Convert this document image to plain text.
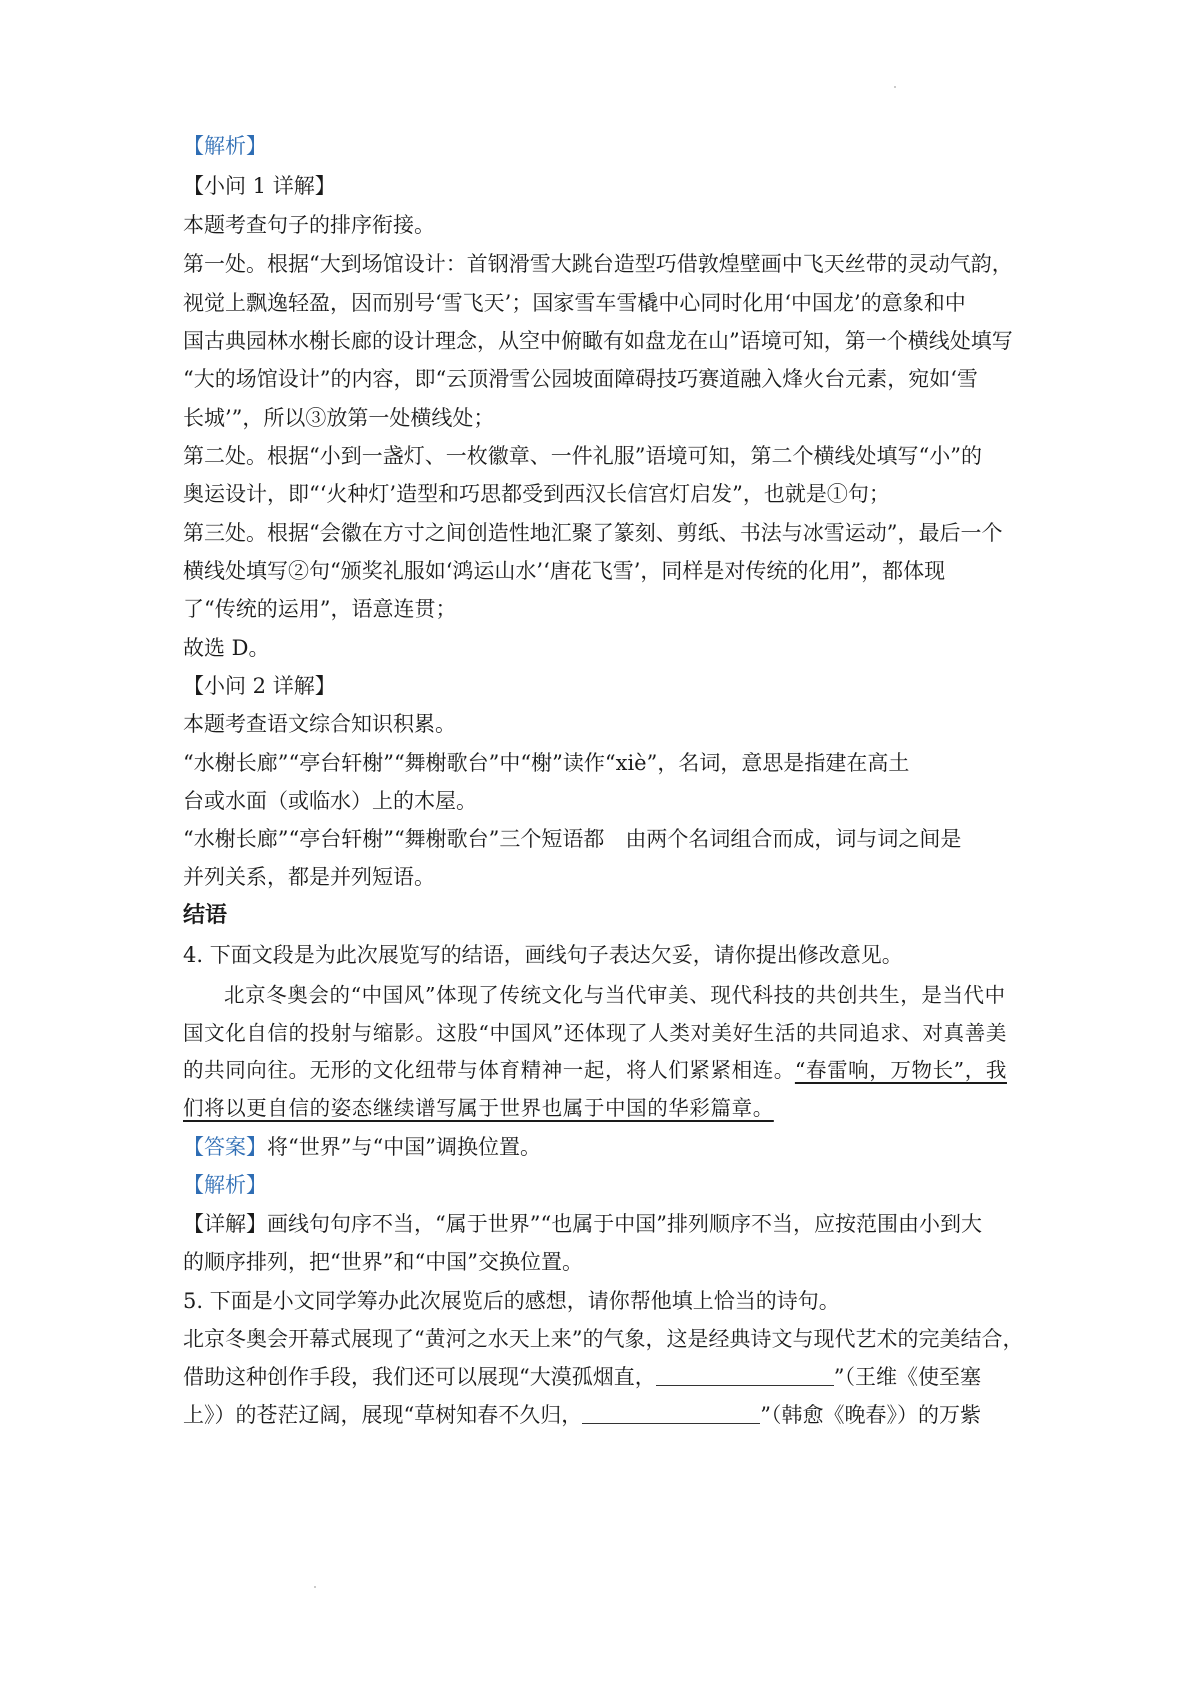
【解析】
【小问 1 详解】
本题考查句子的排序衔接。
第一处。根据“大到场馆设计：首钢滑雪大跳台造型巧借敦煌壁画中飞天丝带的灵动气韵，
视觉上飘逸轻盈，因而别号‘雪飞天’；国家雪车雪橇中心同时化用‘中国龙’的意象和中
国古典园林水榭长廊的设计理念，从空中俯瞰有如盘龙在山”语境可知，第一个横线处填写
“大的场馆设计”的内容，即“云顶滑雪公园坡面障碍技巧赛道融入烽火台元素，宛如‘雪
长城’”，所以③放第一处横线处；
第二处。根据“小到一盏灯、一枚徽章、一件礼服”语境可知，第二个横线处填写“小”的
奥运设计，即“‘火种灯’造型和巧思都受到西汉长信宫灯启发”，也就是①句；
第三处。根据“会徽在方寸之间创造性地汇聚了篆刻、剪纸、书法与冰雪运动”，最后一个
横线处填写②句“颁奖礼服如‘鸿运山水’‘唐花飞雪’，同样是对传统的化用”，都体现
了“传统的运用”，语意连贯；
故选 D。
【小问 2 详解】
本题考查语文综合知识积累。
“水榭长廊”“亭台轩榭”“舞榭歌台”中“榭”读作“xiè”，名词，意思是指建在高土
台或水面（或临水）上的木屋。
“水榭长廊”“亭台轩榭”“舞榭歌台”三个短语都　由两个名词组合而成，词与词之间是
并列关系，都是并列短语。
结语
4. 下面文段是为此次展览写的结语，画线句子表达欠妥，请你提出修改意见。
北京冬奥会的“中国风”体现了传统文化与当代审美、现代科技的共创共生，是当代中
国文化自信的投射与缩影。这股“中国风”还体现了人类对美好生活的共同追求、对真善美
的共同向往。无形的文化纽带与体育精神一起，将人们紧紧相连。“春雷响，万物长”，我
们将以更自信的姿态继续谱写属于世界也属于中国的华彩篇章。
【答案】将“世界”与“中国”调换位置。
【解析】
【详解】画线句句序不当，“属于世界”“也属于中国”排列顺序不当，应按范围由小到大
的顺序排列，把“世界”和“中国”交换位置。
5. 下面是小文同学筹办此次展览后的感想，请你帮他填上恰当的诗句。
北京冬奥会开幕式展现了“黄河之水天上来”的气象，这是经典诗文与现代艺术的完美结合，
借助这种创作手段，我们还可以展现“大漠孤烟直，	”（王维《使至塞
上》）的苍茫辽阔，展现“草树知春不久归，	”（韩愈《晚春》）的万紫
